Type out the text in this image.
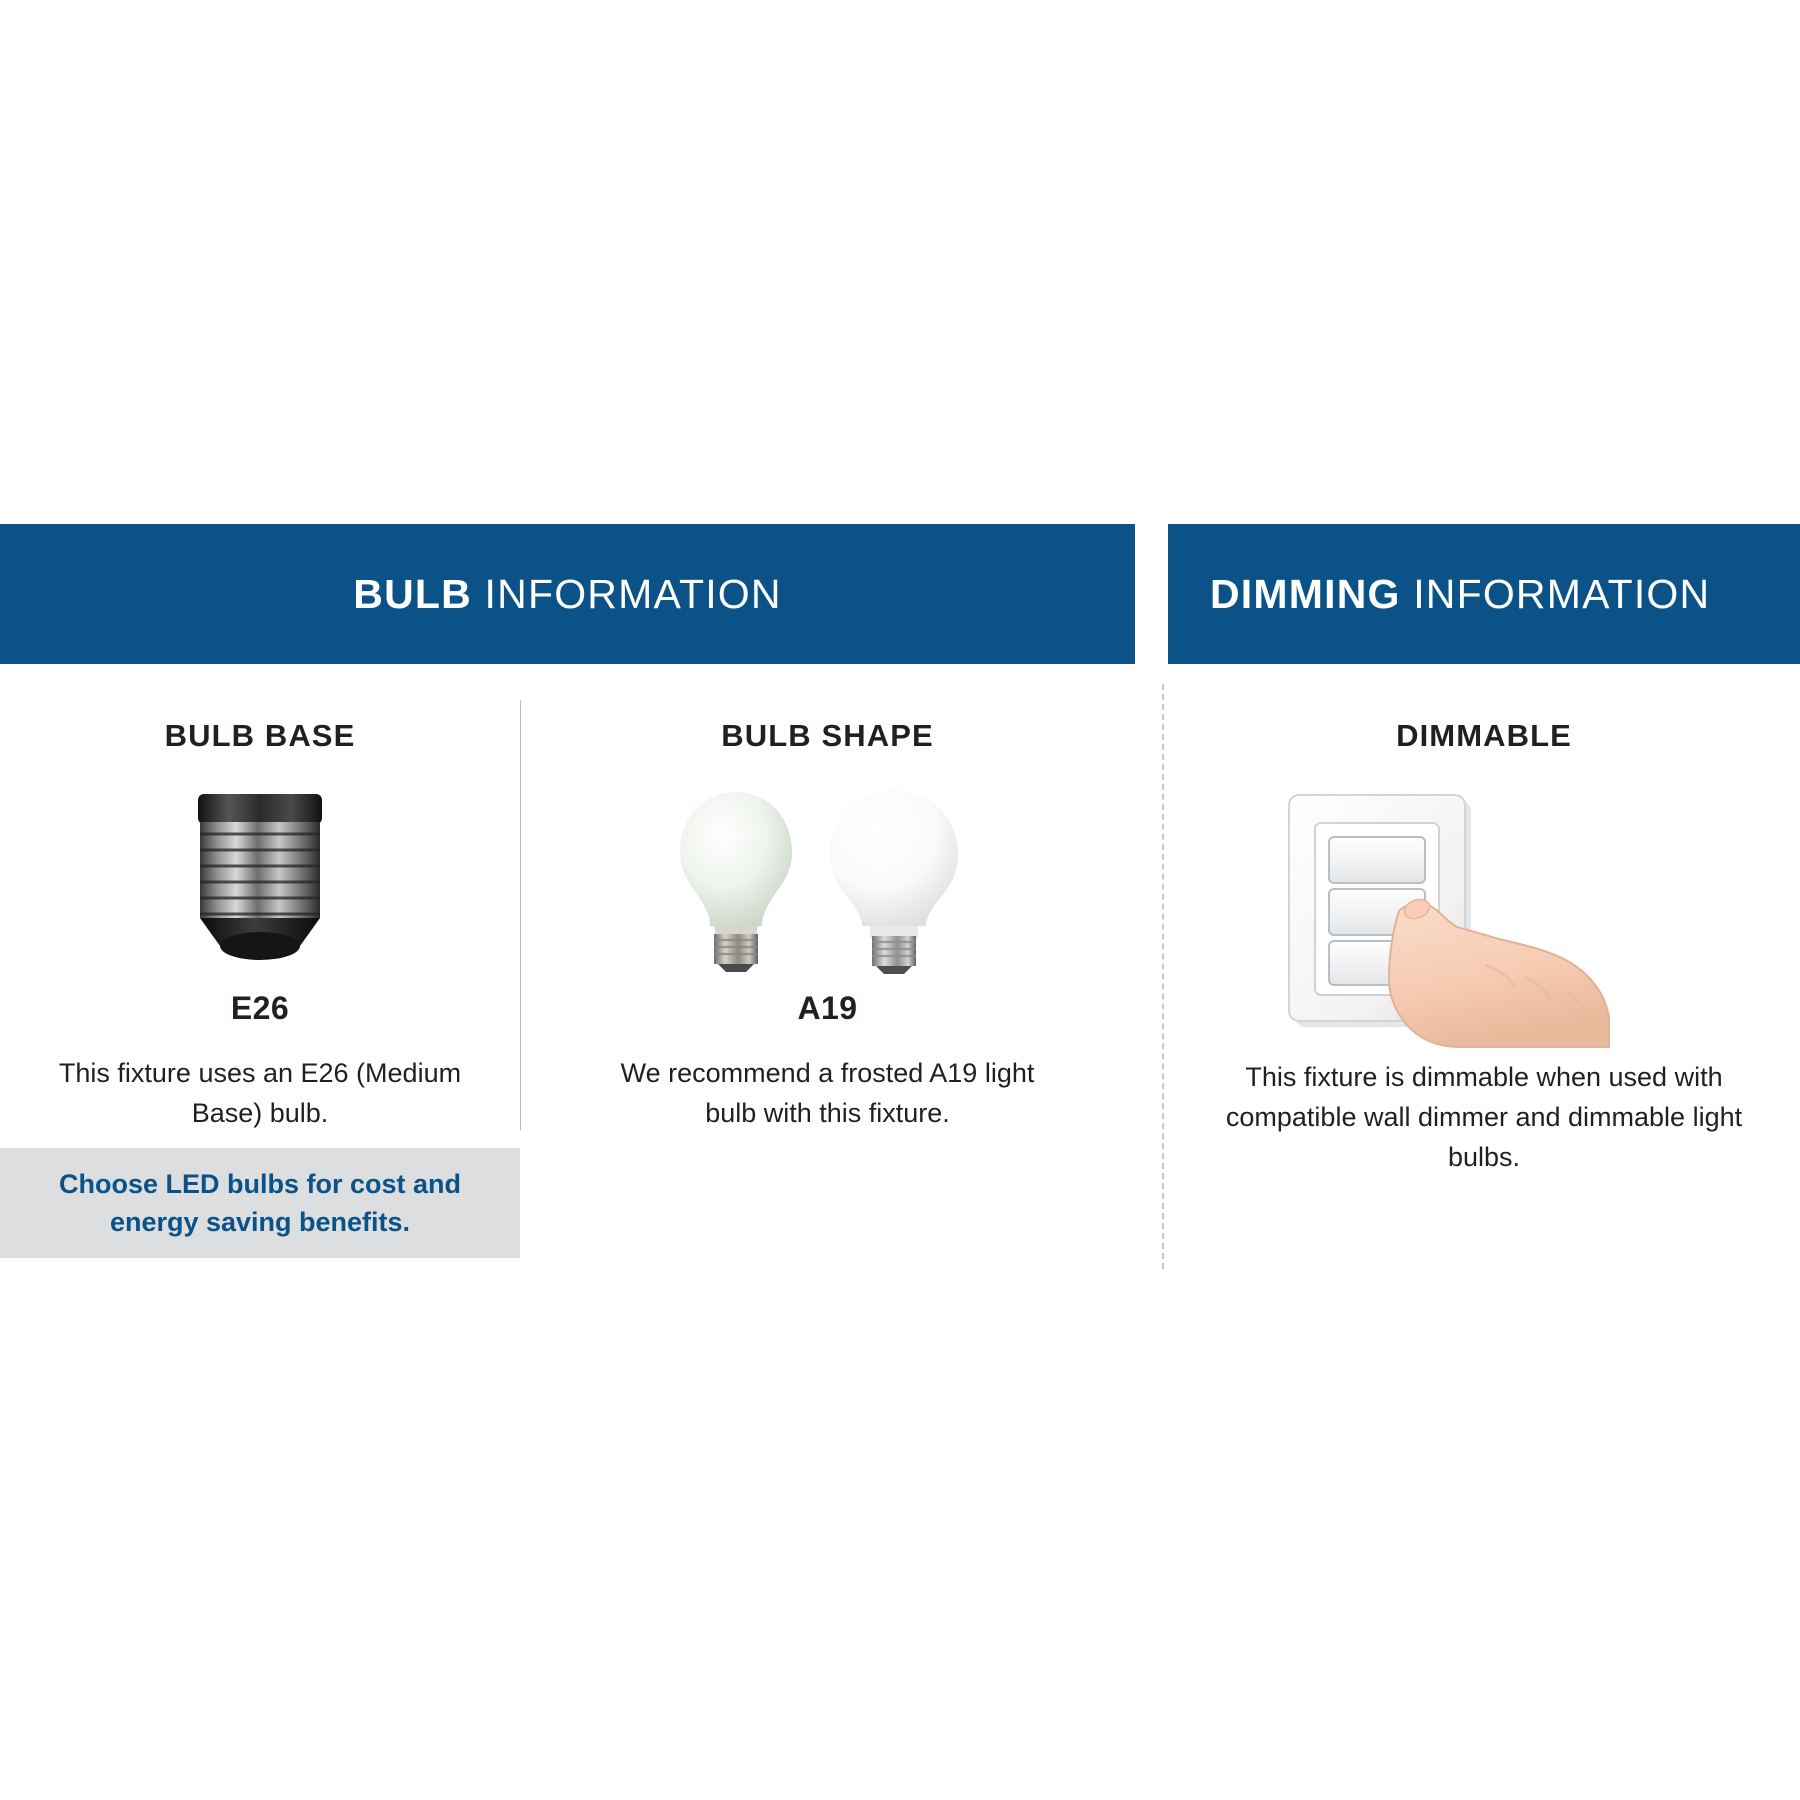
BULB INFORMATION
BULB BASE
E26

This fixture uses an E26 (Medium Base) bulb.

BULB SHAPE
A19

We recommend a frosted A19 light bulb with this fixture.

Choose LED bulbs for cost and energy saving benefits.
DIMMING INFORMATION
DIMMABLE

This fixture is dimmable when used with compatible wall dimmer and dimmable light bulbs.
